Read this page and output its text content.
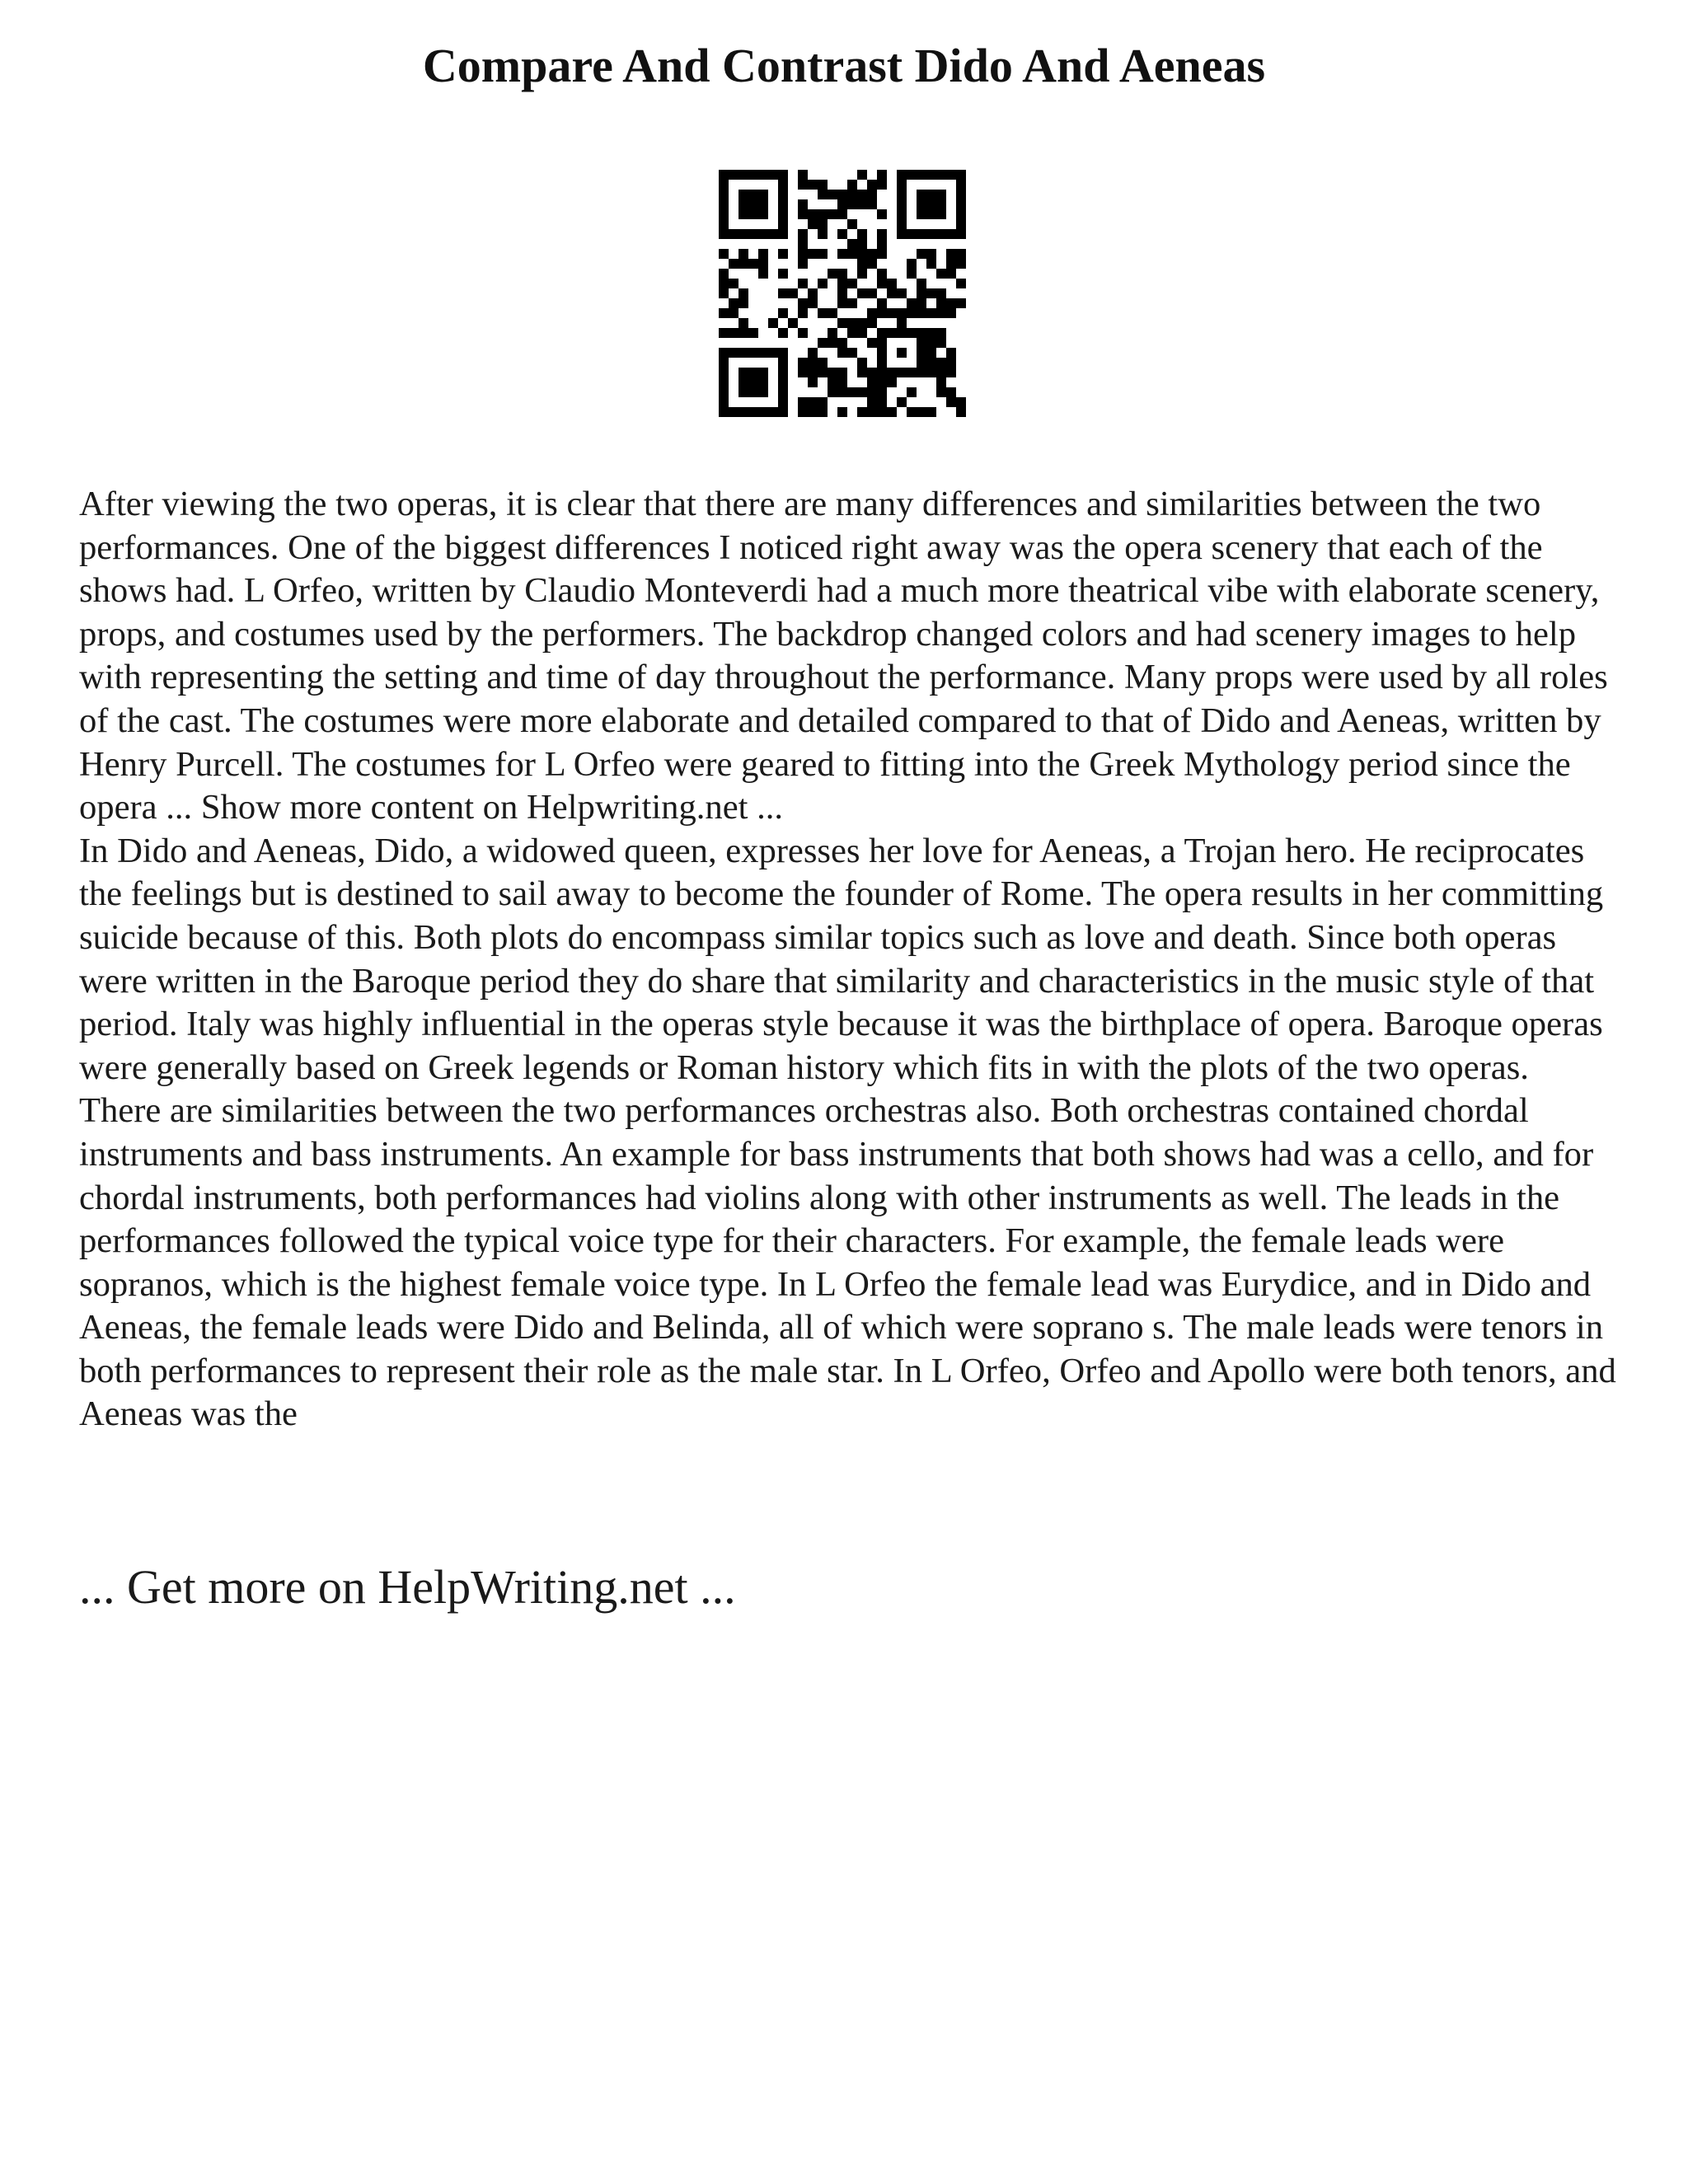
Compare And Contrast Dido And Aeneas

After viewing the two operas, it is clear that there are many differences and similarities between the two performances. One of the biggest differences I noticed right away was the opera scenery that each of the shows had. L Orfeo, written by Claudio Monteverdi had a much more theatrical vibe with elaborate scenery, props, and costumes used by the performers. The backdrop changed colors and had scenery images to help with representing the setting and time of day throughout the performance. Many props were used by all roles of the cast. The costumes were more elaborate and detailed compared to that of Dido and Aeneas, written by Henry Purcell. The costumes for L Orfeo were geared to fitting into the Greek Mythology period since the opera ... Show more content on Helpwriting.net ...

In Dido and Aeneas, Dido, a widowed queen, expresses her love for Aeneas, a Trojan hero. He reciprocates the feelings but is destined to sail away to become the founder of Rome. The opera results in her committing suicide because of this. Both plots do encompass similar topics such as love and death. Since both operas were written in the Baroque period they do share that similarity and characteristics in the music style of that period. Italy was highly influential in the operas style because it was the birthplace of opera. Baroque operas were generally based on Greek legends or Roman history which fits in with the plots of the two operas.

There are similarities between the two performances orchestras also. Both orchestras contained chordal instruments and bass instruments. An example for bass instruments that both shows had was a cello, and for chordal instruments, both performances had violins along with other instruments as well. The leads in the performances followed the typical voice type for their characters. For example, the female leads were sopranos, which is the highest female voice type. In L Orfeo the female lead was Eurydice, and in Dido and Aeneas, the female leads were Dido and Belinda, all of which were soprano s. The male leads were tenors in both performances to represent their role as the male star. In L Orfeo, Orfeo and Apollo were both tenors, and Aeneas was the

... Get more on HelpWriting.net ...
